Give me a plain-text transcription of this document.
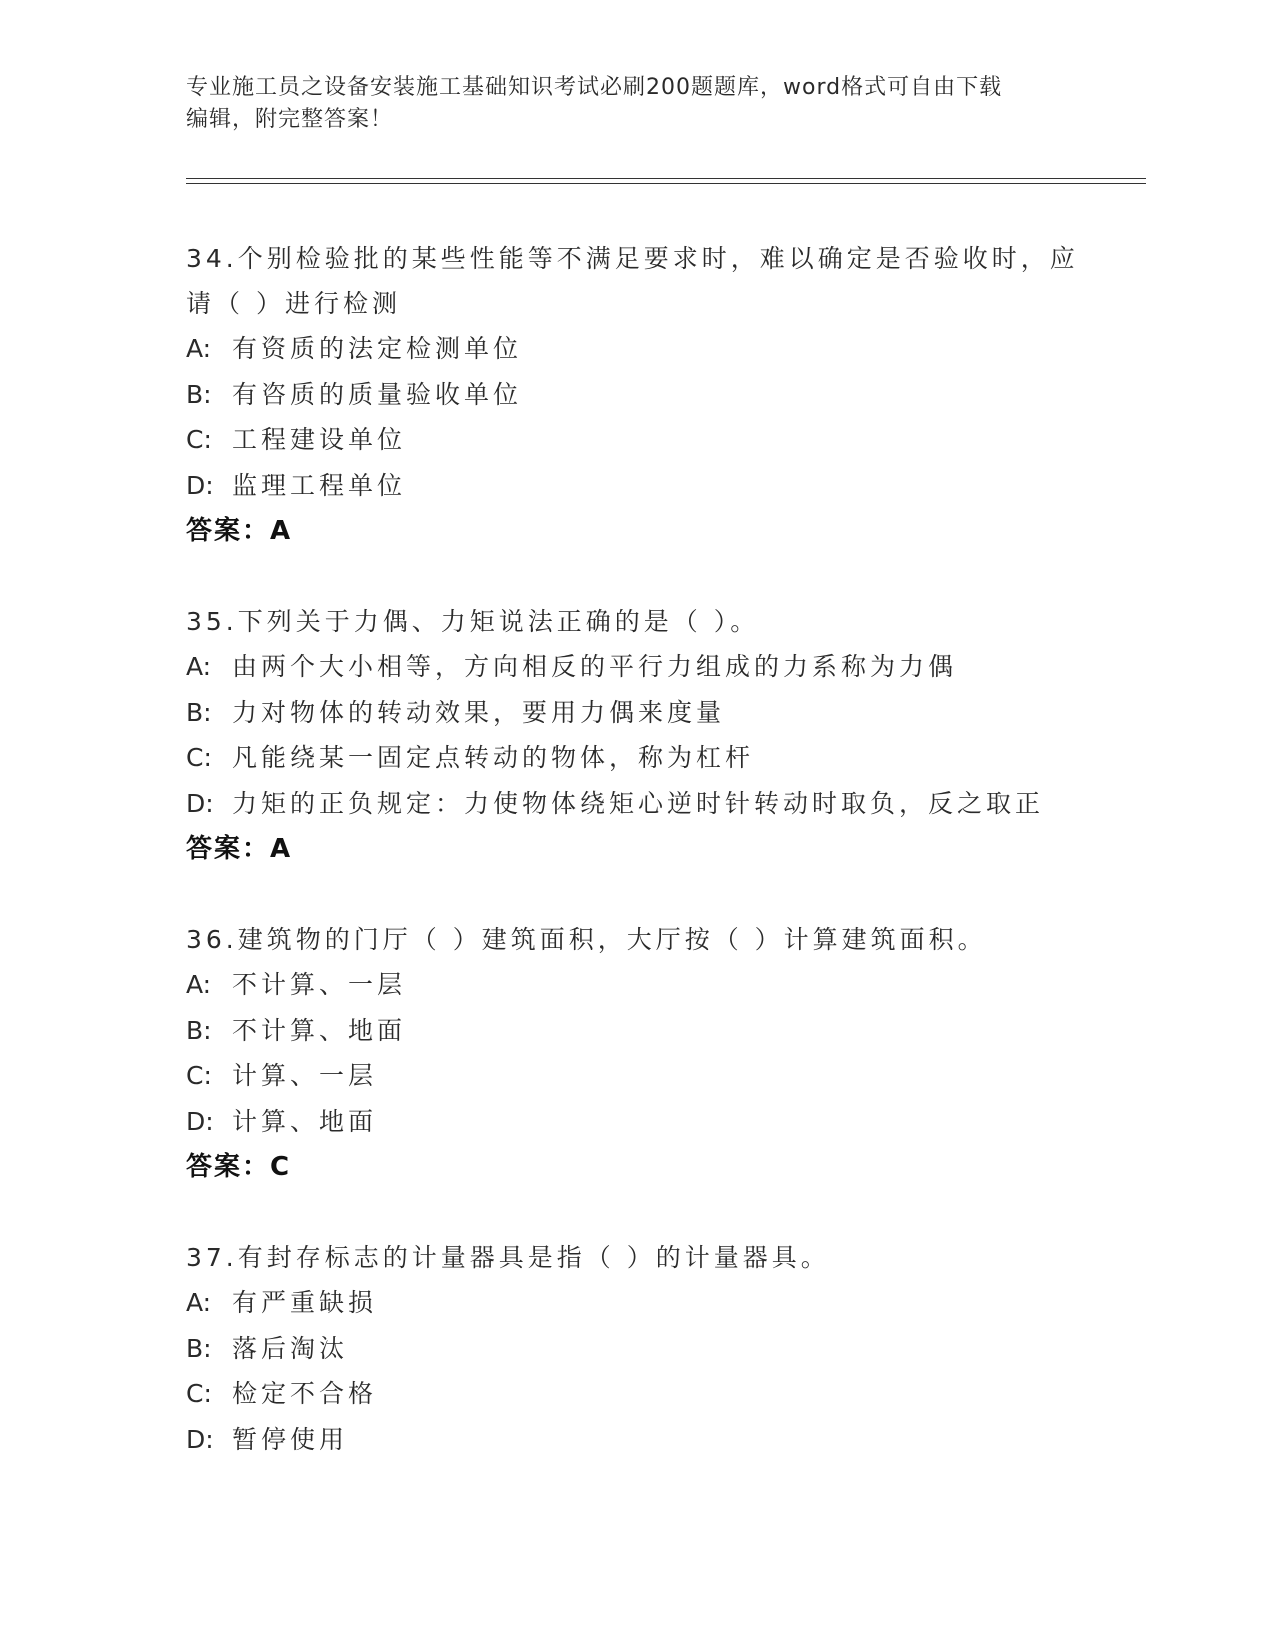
专业施工员之设备安装施工基础知识考试必刷200题题库，word格式可自由下载
编辑，附完整答案！
34.个别检验批的某些性能等不满足要求时，难以确定是否验收时，应
请（ ）进行检测
A: 有资质的法定检测单位
B: 有咨质的质量验收单位
C: 工程建设单位
D: 监理工程单位
答案：A
35.下列关于力偶、力矩说法正确的是（ ）。
A: 由两个大小相等，方向相反的平行力组成的力系称为力偶
B: 力对物体的转动效果，要用力偶来度量
C: 凡能绕某一固定点转动的物体，称为杠杆
D: 力矩的正负规定：力使物体绕矩心逆时针转动时取负，反之取正
答案：A
36.建筑物的门厅（ ）建筑面积，大厅按（ ）计算建筑面积。
A: 不计算、一层
B: 不计算、地面
C: 计算、一层
D: 计算、地面
答案：C
37.有封存标志的计量器具是指（ ）的计量器具。
A: 有严重缺损
B: 落后淘汰
C: 检定不合格
D: 暂停使用
